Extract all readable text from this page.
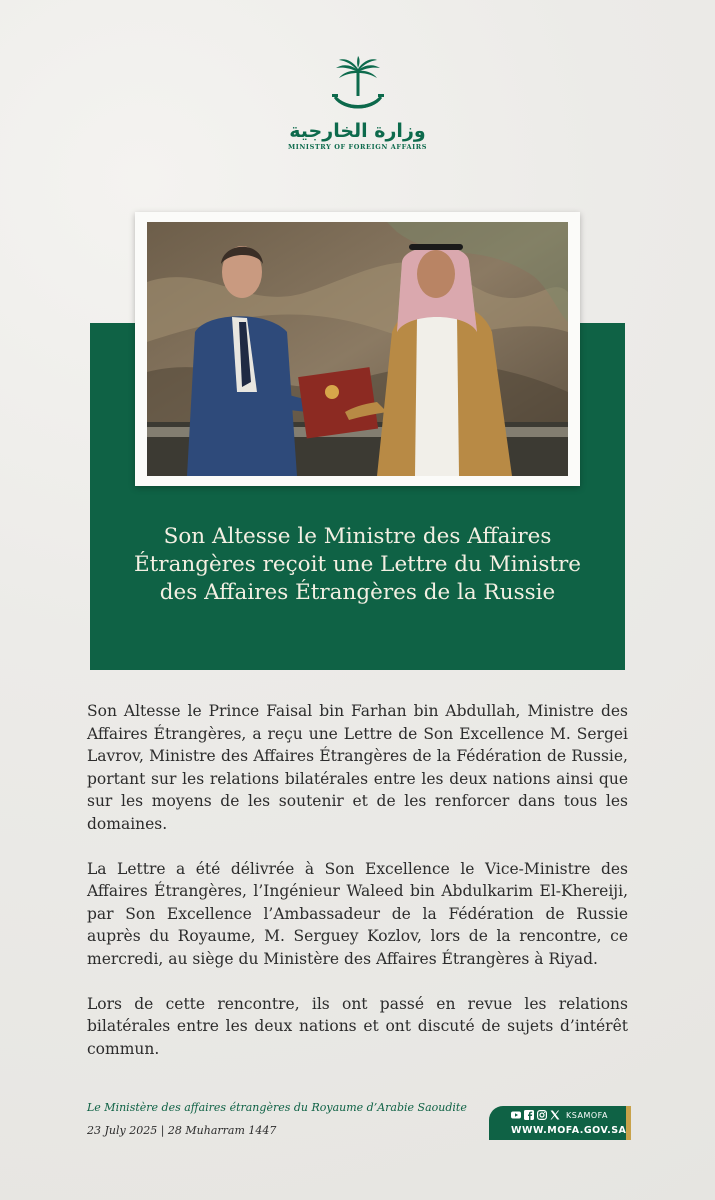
وزارة الخارجية
MINISTRY OF FOREIGN AFFAIRS
Son Altesse le Ministre des Affaires
Étrangères reçoit une Lettre du Ministre
des Affaires Étrangères de la Russie

Son Altesse le Prince Faisal bin Farhan bin Abdullah, Ministre des Affaires Étrangères, a reçu une Lettre de Son Excellence M. Sergei Lavrov, Ministre des Affaires Étrangères de la Fédération de Russie, portant sur les relations bilatérales entre les deux nations ainsi que sur les moyens de les soutenir et de les renforcer dans tous les domaines.

La Lettre a été délivrée à Son Excellence le Vice-Ministre des Affaires Étrangères, l’Ingénieur Waleed bin Abdulkarim El-Khereiji, par Son Excellence l’Ambassadeur de la Fédération de Russie auprès du Royaume, M. Serguey Kozlov, lors de la rencontre, ce mercredi, au siège du Ministère des Affaires Étrangères à Riyad.

Lors de cette rencontre, ils ont passé en revue les relations bilatérales entre les deux nations et ont discuté de sujets d’intérêt commun.

Le Ministère des affaires étrangères du Royaume d’Arabie Saoudite
23 July 2025 | 28 Muharram 1447
KSAMOFA
WWW.MOFA.GOV.SA
